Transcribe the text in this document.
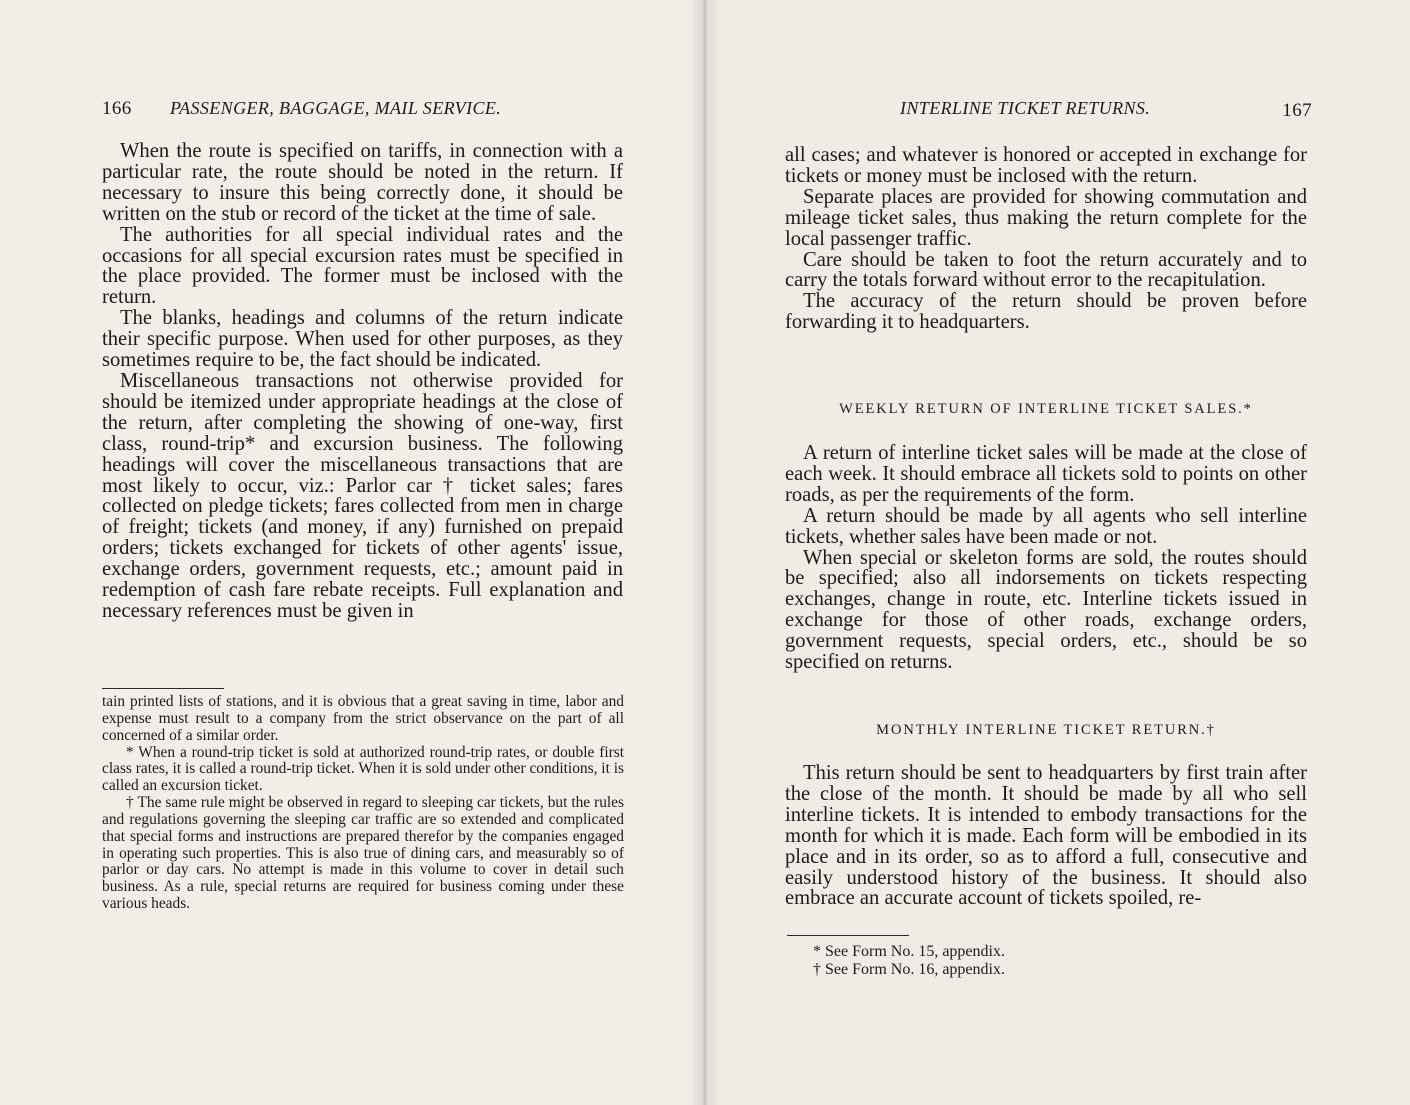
166 PASSENGER, BAGGAGE, MAIL SERVICE.

When the route is specified on tariffs, in connection with a particular rate, the route should be noted in the return. If necessary to insure this being correctly done, it should be written on the stub or record of the ticket at the time of sale.

The authorities for all special individual rates and the occasions for all special excursion rates must be specified in the place provided. The former must be inclosed with the return.

The blanks, headings and columns of the return indicate their specific purpose. When used for other purposes, as they sometimes require to be, the fact should be indicated.

Miscellaneous transactions not otherwise provided for should be itemized under appropriate headings at the close of the return, after completing the showing of one-way, first class, round-trip* and excursion business. The following headings will cover the miscellaneous transactions that are most likely to occur, viz.: Parlor car † ticket sales; fares collected on pledge tickets; fares collected from men in charge of freight; tickets (and money, if any) furnished on prepaid orders; tickets exchanged for tickets of other agents' issue, exchange orders, government requests, etc.; amount paid in redemption of cash fare rebate receipts. Full explanation and necessary references must be given in

tain printed lists of stations, and it is obvious that a great saving in time, labor and expense must result to a company from the strict observance on the part of all concerned of a similar order.

* When a round-trip ticket is sold at authorized round-trip rates, or double first class rates, it is called a round-trip ticket. When it is sold under other conditions, it is called an excursion ticket.

† The same rule might be observed in regard to sleeping car tickets, but the rules and regulations governing the sleeping car traffic are so extended and complicated that special forms and instructions are prepared therefor by the companies engaged in operating such properties. This is also true of dining cars, and measurably so of parlor or day cars. No attempt is made in this volume to cover in detail such business. As a rule, special returns are required for business coming under these various heads.

INTERLINE TICKET RETURNS.	167

all cases; and whatever is honored or accepted in exchange for tickets or money must be inclosed with the return.

Separate places are provided for showing commutation and mileage ticket sales, thus making the return complete for the local passenger traffic.

Care should be taken to foot the return accurately and to carry the totals forward without error to the recapitulation.

The accuracy of the return should be proven before forwarding it to headquarters.

WEEKLY RETURN OF INTERLINE TICKET SALES.*

A return of interline ticket sales will be made at the close of each week. It should embrace all tickets sold to points on other roads, as per the requirements of the form.

A return should be made by all agents who sell interline tickets, whether sales have been made or not.

When special or skeleton forms are sold, the routes should be specified; also all indorsements on tickets respecting exchanges, change in route, etc. Interline tickets issued in exchange for those of other roads, exchange orders, government requests, special orders, etc., should be so specified on returns.

MONTHLY INTERLINE TICKET RETURN.†

This return should be sent to headquarters by first train after the close of the month. It should be made by all who sell interline tickets. It is intended to embody transactions for the month for which it is made. Each form will be embodied in its place and in its order, so as to afford a full, consecutive and easily understood history of the business. It should also embrace an accurate account of tickets spoiled, re-

* See Form No. 15, appendix.

† See Form No. 16, appendix.
